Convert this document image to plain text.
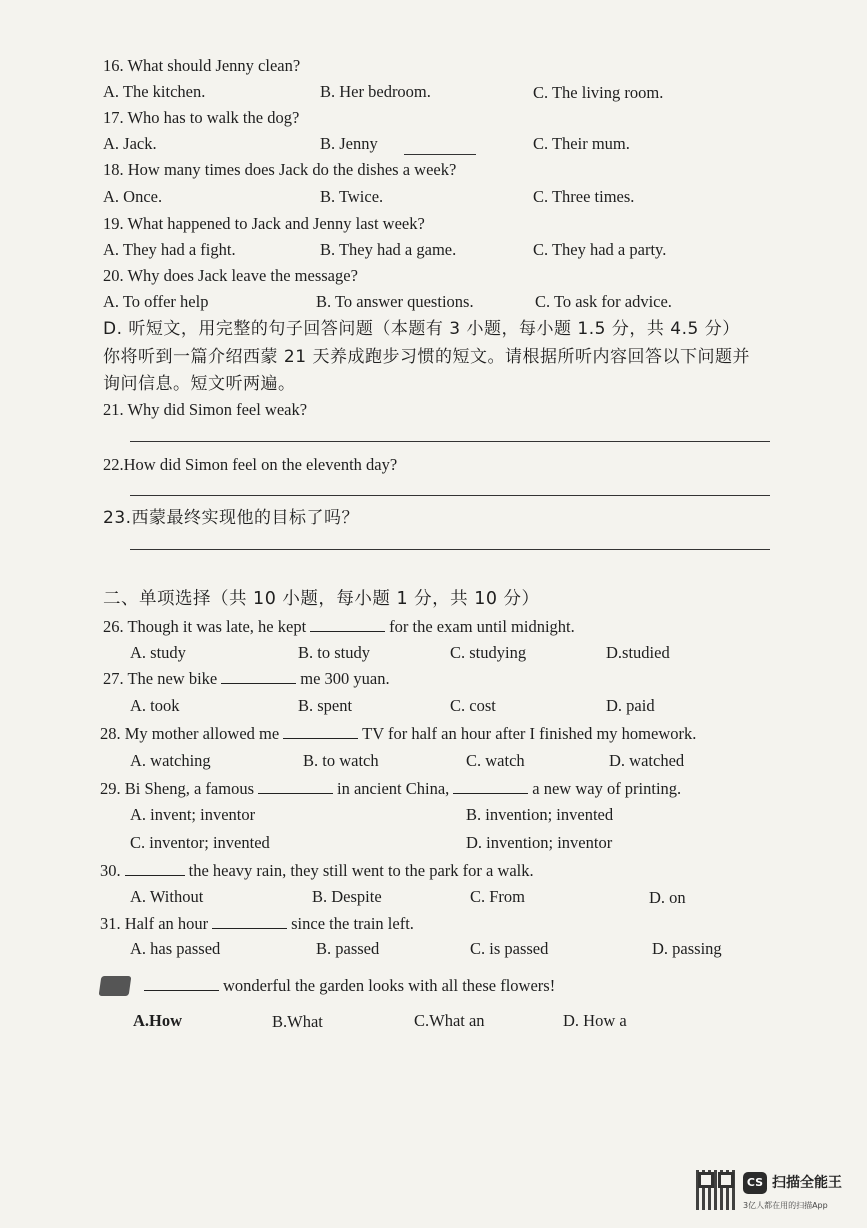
16. What should Jenny clean?
A. The kitchen.	B. Her bedroom.	C. The living room.
17. Who has to walk the dog?
A. Jack.	B. Jenny	C. Their mum.
18. How many times does Jack do the dishes a week?
A. Once.	B. Twice.	C. Three times.
19. What happened to Jack and Jenny last week?
A. They had a fight.	B. They had a game.	C. They had a party.
20. Why does Jack leave the message?
A. To offer help	B. To answer questions.	C. To ask for advice.
D. 听短文，用完整的句子回答问题（本题有 3 小题，每小题 1.5 分，共 4.5 分）
你将听到一篇介绍西蒙 21 天养成跑步习惯的短文。请根据所听内容回答以下问题并
询问信息。短文听两遍。
21. Why did Simon feel weak?
22.How did Simon feel on the eleventh day?
23.西蒙最终实现他的目标了吗？
二、单项选择（共 10 小题，每小题 1 分，共 10 分）
26. Though it was late, he kept	for the exam until midnight.
A. study	B. to study	C. studying	D.studied
27. The new bike	me 300 yuan.
A. took	B. spent	C. cost	D. paid
28. My mother allowed me	TV for half an hour after I finished my homework.
A. watching	B. to watch	C. watch	D. watched
29. Bi Sheng, a famous	in ancient China,	a new way of printing.
A. invent; inventor	B. invention; invented
C. inventor; invented	D. invention; inventor
30.	the heavy rain, they still went to the park for a walk.
A. Without	B. Despite	C. From	D. on
31. Half an hour	since the train left.
A. has passed	B. passed	C. is passed	D. passing
wonderful the garden looks with all these flowers!
A.How	B.What	C.What an	D. How a
CS 扫描全能王
3亿人都在用的扫描App
